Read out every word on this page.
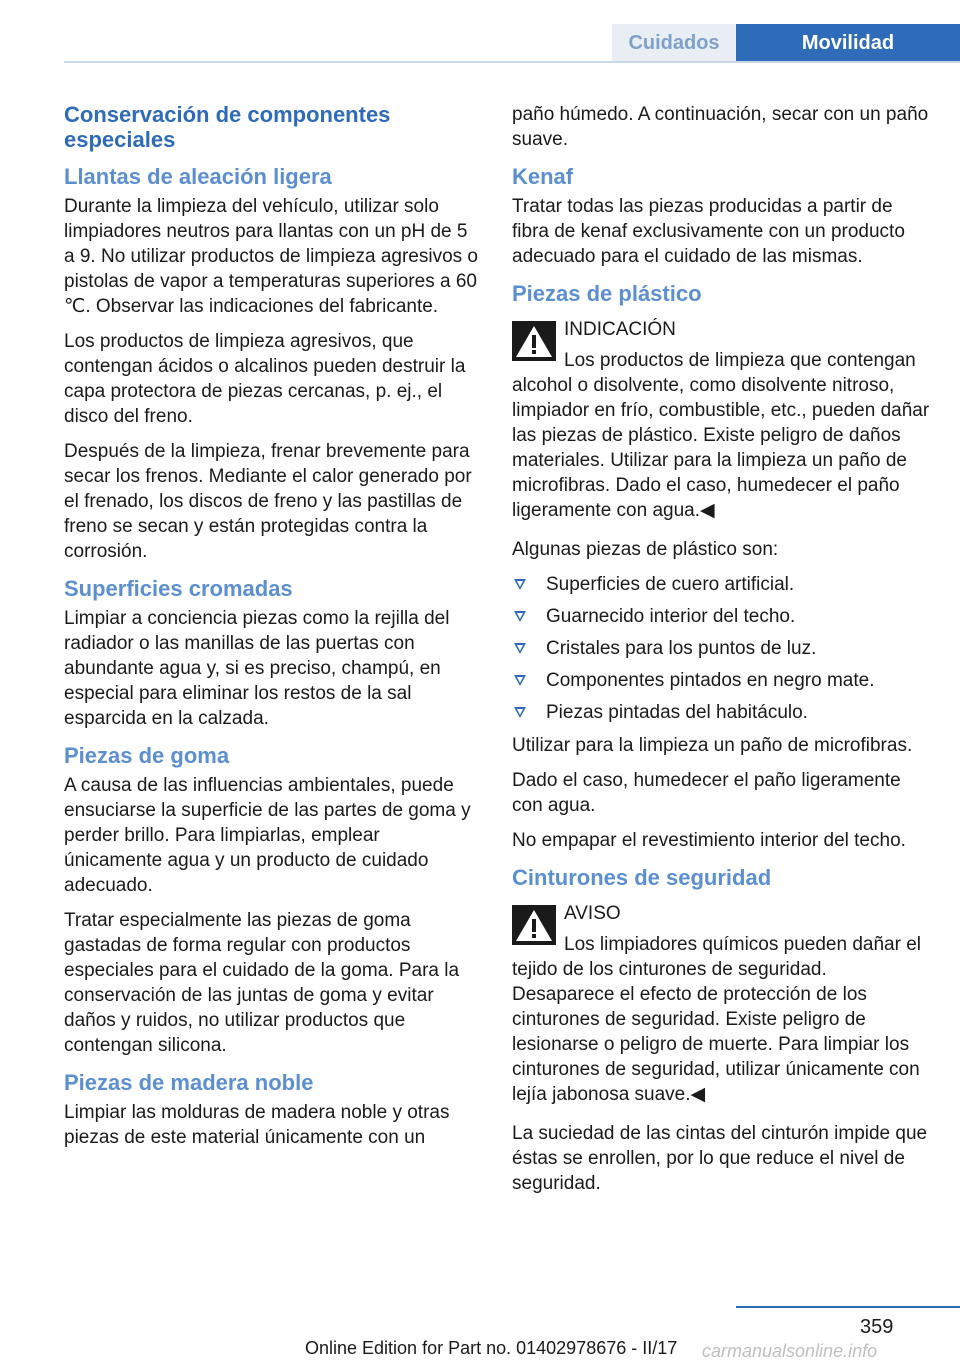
Cuidados	Movilidad
Conservación de componentes especiales
Llantas de aleación ligera

Durante la limpieza del vehículo, utilizar solo limpiadores neutros para llantas con un pH de 5 a 9. No utilizar productos de limpieza agresivos o pistolas de vapor a temperaturas superiores a 60 ℃. Observar las indicaciones del fabricante.

Los productos de limpieza agresivos, que contengan ácidos o alcalinos pueden destruir la capa protectora de piezas cercanas, p. ej., el disco del freno.

Después de la limpieza, frenar brevemente para secar los frenos. Mediante el calor generado por el frenado, los discos de freno y las pastillas de freno se secan y están protegidas contra la corrosión.

Superficies cromadas

Limpiar a conciencia piezas como la rejilla del radiador o las manillas de las puertas con abundante agua y, si es preciso, champú, en especial para eliminar los restos de la sal esparcida en la calzada.

Piezas de goma

A causa de las influencias ambientales, puede ensuciarse la superficie de las partes de goma y perder brillo. Para limpiarlas, emplear únicamente agua y un producto de cuidado adecuado.

Tratar especialmente las piezas de goma gastadas de forma regular con productos especiales para el cuidado de la goma. Para la conservación de las juntas de goma y evitar daños y ruidos, no utilizar productos que contengan silicona.

Piezas de madera noble

Limpiar las molduras de madera noble y otras piezas de este material únicamente con un

paño húmedo. A continuación, secar con un paño suave.

Kenaf

Tratar todas las piezas producidas a partir de fibra de kenaf exclusivamente con un producto adecuado para el cuidado de las mismas.

Piezas de plástico
INDICACIÓN
Los productos de limpieza que contengan alcohol o disolvente, como disolvente nitroso, limpiador en frío, combustible, etc., pueden dañar las piezas de plástico. Existe peligro de daños materiales. Utilizar para la limpieza un paño de microfibras. Dado el caso, humedecer el paño ligeramente con agua.◀

Algunas piezas de plástico son:

Superficies de cuero artificial.
Guarnecido interior del techo.
Cristales para los puntos de luz.
Componentes pintados en negro mate.
Piezas pintadas del habitáculo.

Utilizar para la limpieza un paño de microfibras.

Dado el caso, humedecer el paño ligeramente con agua.

No empapar el revestimiento interior del techo.

Cinturones de seguridad
AVISO
Los limpiadores químicos pueden dañar el tejido de los cinturones de seguridad. Desaparece el efecto de protección de los cinturones de seguridad. Existe peligro de lesionarse o peligro de muerte. Para limpiar los cinturones de seguridad, utilizar únicamente con lejía jabonosa suave.◀

La suciedad de las cintas del cinturón impide que éstas se enrollen, por lo que reduce el nivel de seguridad.

359
Online Edition for Part no. 01402978676 - II/17 carmanualsonline.info
